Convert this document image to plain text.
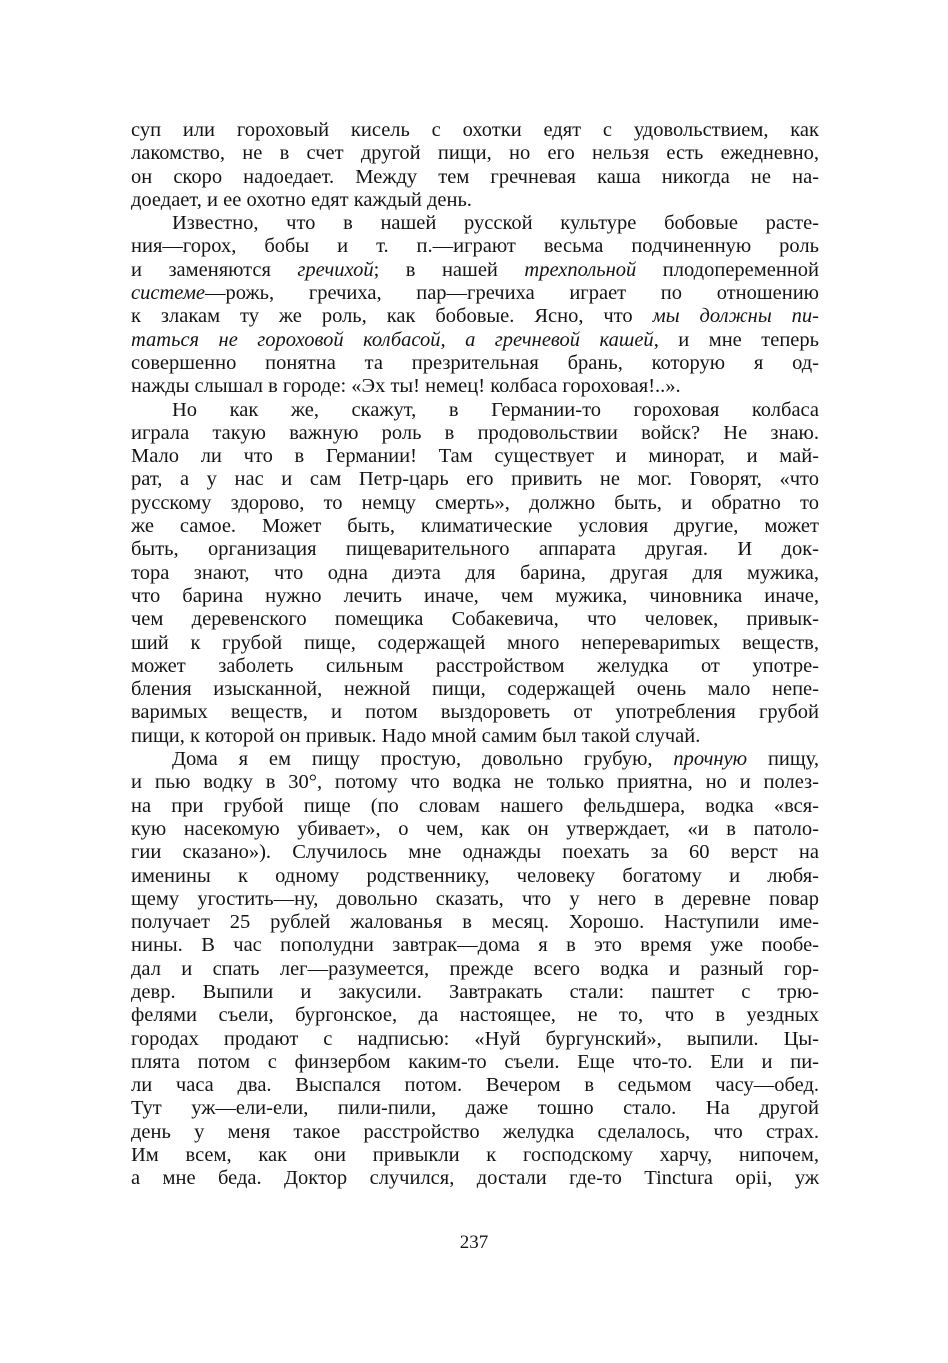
суп или гороховый кисель с охотки едят с удовольствием, как
лакомство, не в счет другой пищи, но его нельзя есть ежедневно,
он скоро надоедает. Между тем гречневая каша никогда не на-
доедает, и ее охотно едят каждый день.
Известно, что в нашей русской культуре бобовые расте-
ния—горох, бобы и т. п.—играют весьма подчиненную роль
и заменяются гречихой; в нашей трехпольной плодопеременной
системе—рожь, гречиха, пар—гречиха играет по отношению
к злакам ту же роль, как бобовые. Ясно, что мы должны пи-
таться не гороховой колбасой, а гречневой кашей, и мне теперь
совершенно понятна та презрительная брань, которую я од-
нажды слышал в городе: «Эх ты! немец! колбаса гороховая!..».
Но как же, скажут, в Германии-то гороховая колбаса
играла такую важную роль в продовольствии войск? Не знаю.
Мало ли что в Германии! Там существует и минорат, и май-
рат, а у нас и сам Петр-царь его привить не мог. Говорят, «что
русскому здорово, то немцу смерть», должно быть, и обратно то
же самое. Может быть, климатические условия другие, может
быть, организация пищеварительного аппарата другая. И док-
тора знают, что одна диэта для барина, другая для мужика,
что барина нужно лечить иначе, чем мужика, чиновника иначе,
чем деревенского помещика Собакевича, что человек, привык-
ший к грубой пище, содержащей много неперевариmых веществ,
может заболеть сильным расстройством желудка от употре-
бления изысканной, нежной пищи, содержащей очень мало непе-
варимых веществ, и потом выздороветь от употребления грубой
пищи, к которой он привык. Надо мной самим был такой случай.
Дома я ем пищу простую, довольно грубую, прочную пищу,
и пью водку в 30°, потому что водка не только приятна, но и полез-
на при грубой пище (по словам нашего фельдшера, водка «вся-
кую насекомую убивает», о чем, как он утверждает, «и в патоло-
гии сказано»). Случилось мне однажды поехать за 60 верст на
именины к одному родственнику, человеку богатому и любя-
щему угостить—ну, довольно сказать, что у него в деревне повар
получает 25 рублей жалованья в месяц. Хорошо. Наступили име-
нины. В час пополудни завтрак—дома я в это время уже пообе-
дал и спать лег—разумеется, прежде всего водка и разный гор-
девр. Выпили и закусили. Завтракать стали: паштет с трю-
фелями съели, бургонское, да настоящее, не то, что в уездных
городах продают с надписью: «Нуй бургунский», выпили. Цы-
плята потом с финзербом каким-то съели. Еще что-то. Ели и пи-
ли часа два. Выспался потом. Вечером в седьмом часу—обед.
Тут уж—ели-ели, пили-пили, даже тошно стало. На другой
день у меня такое расстройство желудка сделалось, что страх.
Им всем, как они привыкли к господскому харчу, нипочем,
а мне беда. Доктор случился, достали где-то Tinctura opii, уж
237
